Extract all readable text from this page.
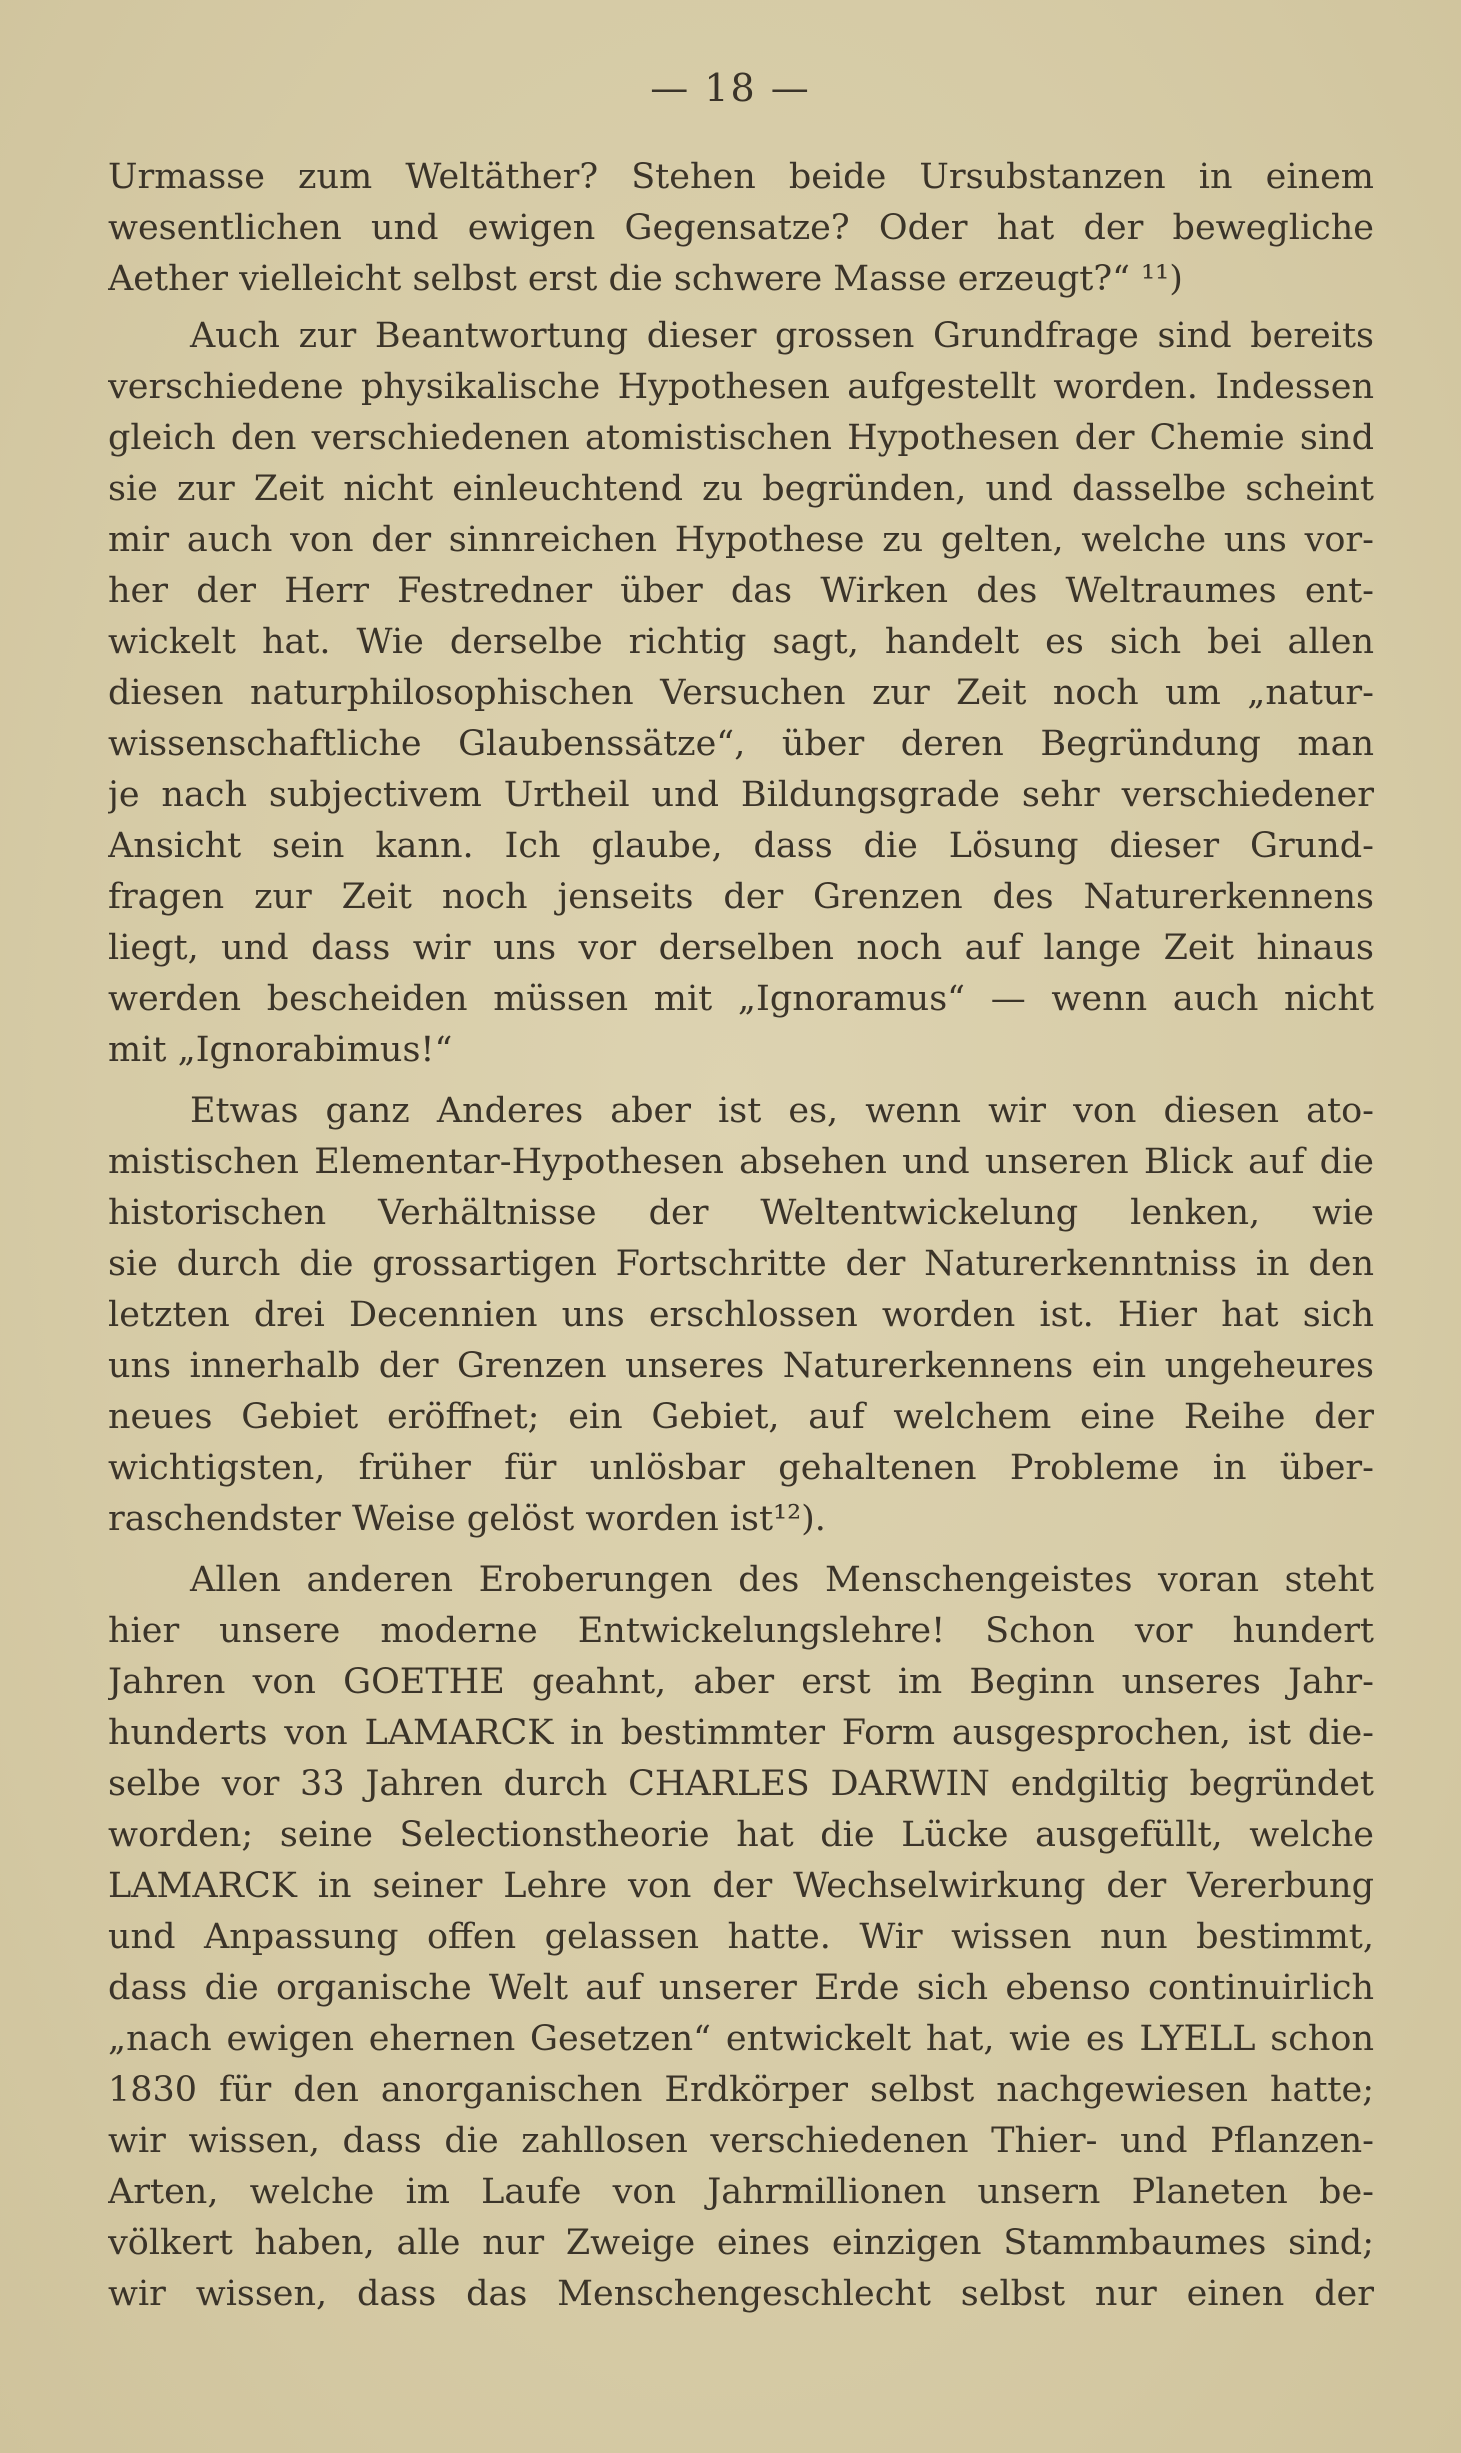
— 18 —
Urmasse zum Weltäther? Stehen beide Ursubstanzen in einem
wesentlichen und ewigen Gegensatze? Oder hat der bewegliche
Aether vielleicht selbst erst die schwere Masse erzeugt?“ ¹¹)
Auch zur Beantwortung dieser grossen Grundfrage sind bereits
verschiedene physikalische Hypothesen aufgestellt worden. Indessen
gleich den verschiedenen atomistischen Hypothesen der Chemie sind
sie zur Zeit nicht einleuchtend zu begründen, und dasselbe scheint
mir auch von der sinnreichen Hypothese zu gelten, welche uns vor-
her der Herr Festredner über das Wirken des Weltraumes ent-
wickelt hat. Wie derselbe richtig sagt, handelt es sich bei allen
diesen naturphilosophischen Versuchen zur Zeit noch um „natur-
wissenschaftliche Glaubenssätze“, über deren Begründung man
je nach subjectivem Urtheil und Bildungsgrade sehr verschiedener
Ansicht sein kann. Ich glaube, dass die Lösung dieser Grund-
fragen zur Zeit noch jenseits der Grenzen des Naturerkennens
liegt, und dass wir uns vor derselben noch auf lange Zeit hinaus
werden bescheiden müssen mit „Ignoramus“ — wenn auch nicht
mit „Ignorabimus!“
Etwas ganz Anderes aber ist es, wenn wir von diesen ato-
mistischen Elementar-Hypothesen absehen und unseren Blick auf die
historischen Verhältnisse der Weltentwickelung lenken, wie
sie durch die grossartigen Fortschritte der Naturerkenntniss in den
letzten drei Decennien uns erschlossen worden ist. Hier hat sich
uns innerhalb der Grenzen unseres Naturerkennens ein ungeheures
neues Gebiet eröffnet; ein Gebiet, auf welchem eine Reihe der
wichtigsten, früher für unlösbar gehaltenen Probleme in über-
raschendster Weise gelöst worden ist¹²).
Allen anderen Eroberungen des Menschengeistes voran steht
hier unsere moderne Entwickelungslehre! Schon vor hundert
Jahren von GOETHE geahnt, aber erst im Beginn unseres Jahr-
hunderts von LAMARCK in bestimmter Form ausgesprochen, ist die-
selbe vor 33 Jahren durch CHARLES DARWIN endgiltig begründet
worden; seine Selectionstheorie hat die Lücke ausgefüllt, welche
LAMARCK in seiner Lehre von der Wechselwirkung der Vererbung
und Anpassung offen gelassen hatte. Wir wissen nun bestimmt,
dass die organische Welt auf unserer Erde sich ebenso continuirlich
„nach ewigen ehernen Gesetzen“ entwickelt hat, wie es LYELL schon
1830 für den anorganischen Erdkörper selbst nachgewiesen hatte;
wir wissen, dass die zahllosen verschiedenen Thier- und Pflanzen-
Arten, welche im Laufe von Jahrmillionen unsern Planeten be-
völkert haben, alle nur Zweige eines einzigen Stammbaumes sind;
wir wissen, dass das Menschengeschlecht selbst nur einen der
